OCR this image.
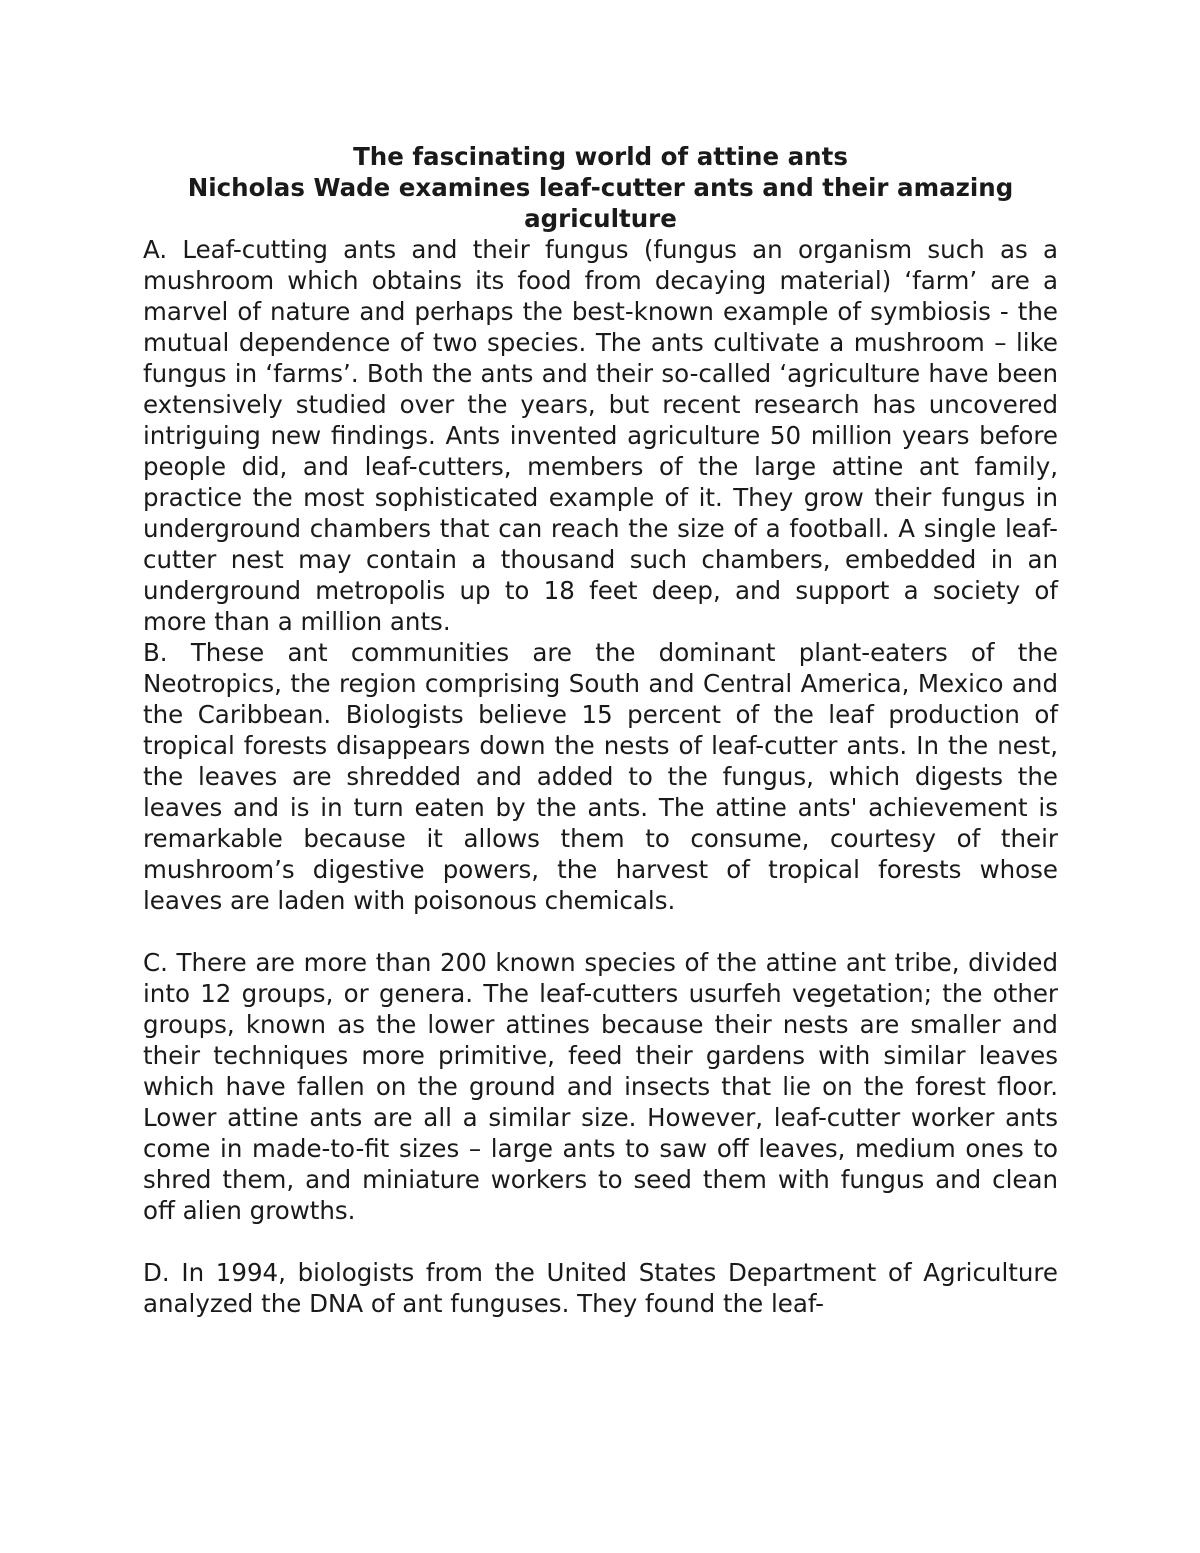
The fascinating world of attine ants

Nicholas Wade examines leaf-cutter ants and their amazing agriculture

A. Leaf-cutting ants and their fungus (fungus an organism such as a mushroom which obtains its food from decaying material) ‘farm’ are a marvel of nature and perhaps the best-known example of symbiosis - the mutual dependence of two species. The ants cultivate a mushroom – like fungus in ‘farms’. Both the ants and their so-called ‘agriculture have been extensively studied over the years, but recent research has uncovered intriguing new findings. Ants invented agriculture 50 million years before people did, and leaf-cutters, members of the large attine ant family, practice the most sophisticated example of it. They grow their fungus in underground chambers that can reach the size of a football. A single leaf-cutter nest may contain a thousand such chambers, embedded in an underground metropolis up to 18 feet deep, and support a society of more than a million ants.

B. These ant communities are the dominant plant-eaters of the Neotropics, the region comprising South and Central America, Mexico and the Caribbean. Biologists believe 15 percent of the leaf production of tropical forests disappears down the nests of leaf-cutter ants. In the nest, the leaves are shredded and added to the fungus, which digests the leaves and is in turn eaten by the ants. The attine ants' achievement is remarkable because it allows them to consume, courtesy of their mushroom’s digestive powers, the harvest of tropical forests whose leaves are laden with poisonous chemicals.

C. There are more than 200 known species of the attine ant tribe, divided into 12 groups, or genera. The leaf-cutters usurfeh vegetation; the other groups, known as the lower attines because their nests are smaller and their techniques more primitive, feed their gardens with similar leaves which have fallen on the ground and insects that lie on the forest floor. Lower attine ants are all a similar size. However, leaf-cutter worker ants come in made-to-fit sizes – large ants to saw off leaves, medium ones to shred them, and miniature workers to seed them with fungus and clean off alien growths.

D. In 1994, biologists from the United States Department of Agriculture analyzed the DNA of ant funguses. They found the leaf-
